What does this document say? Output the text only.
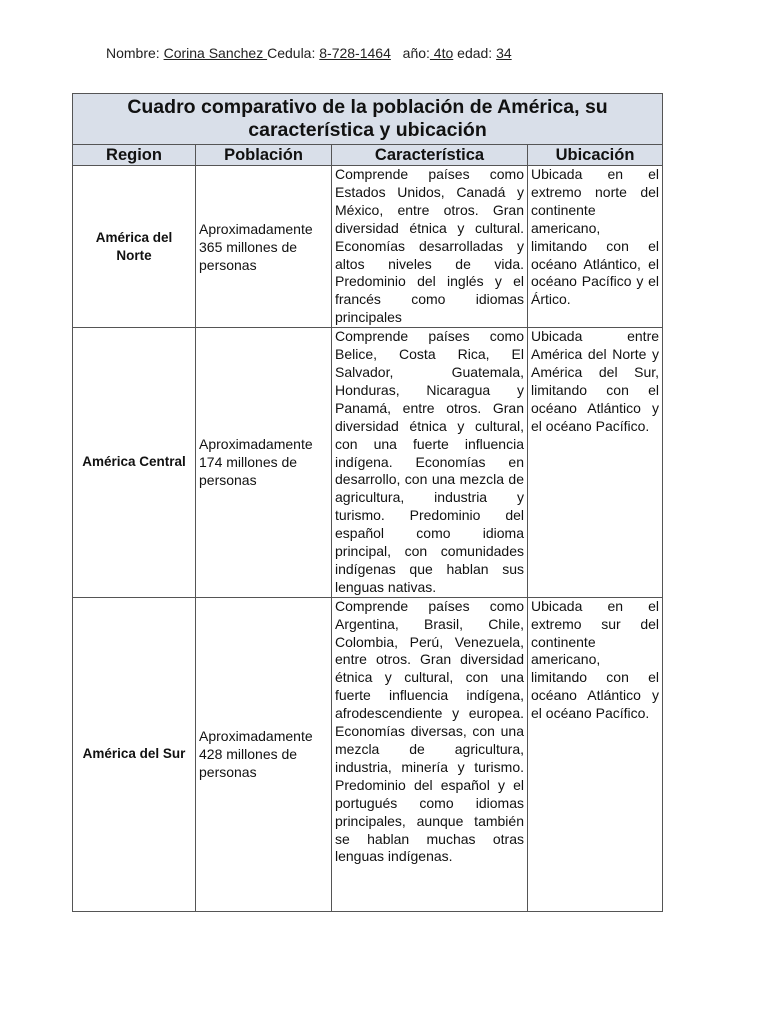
Nombre: Corina Sanchez Cedula: 8-728-1464 año: 4to edad: 34
Cuadro comparativo de la población de América, su característica y ubicación			
Region	Población	Característica	Ubicación
América del Norte	Aproximadamente 365 millones de personas	Comprende países como Estados Unidos, Canadá y México, entre otros. Gran diversidad étnica y cultural. Economías desarrolladas y altos niveles de vida. Predominio del inglés y el francés como idiomas principales	Ubicada en el extremo norte del continente americano, limitando con el océano Atlántico, el océano Pacífico y el Ártico.
América Central	Aproximadamente 174 millones de personas	Comprende países como Belice, Costa Rica, El Salvador, Guatemala, Honduras, Nicaragua y Panamá, entre otros. Gran diversidad étnica y cultural, con una fuerte influencia indígena. Economías en desarrollo, con una mezcla de agricultura, industria y turismo. Predominio del español como idioma principal, con comunidades indígenas que hablan sus lenguas nativas.	Ubicada entre América del Norte y América del Sur, limitando con el océano Atlántico y el océano Pacífico.
América del Sur	Aproximadamente 428 millones de personas	Comprende países como Argentina, Brasil, Chile, Colombia, Perú, Venezuela, entre otros. Gran diversidad étnica y cultural, con una fuerte influencia indígena, afrodescendiente y europea. Economías diversas, con una mezcla de agricultura, industria, minería y turismo. Predominio del español y el portugués como idiomas principales, aunque también se hablan muchas otras lenguas indígenas.	Ubicada en el extremo sur del continente americano, limitando con el océano Atlántico y el océano Pacífico.
